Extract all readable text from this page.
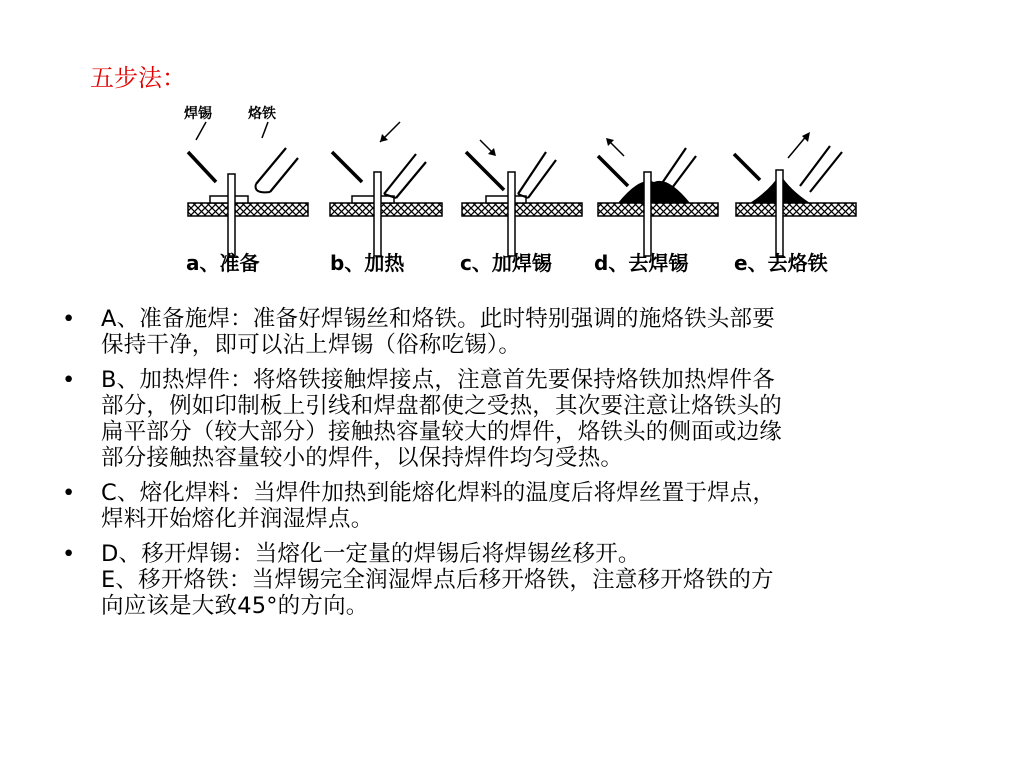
五步法：
焊锡	烙铁
a、准备	b、加热	c、加焊锡 d、去焊锡 e、去烙铁
• A、准备施焊：准备好焊锡丝和烙铁。此时特别强调的施烙铁头部要
保持干净，即可以沾上焊锡（俗称吃锡）。
• B、加热焊件：将烙铁接触焊接点，注意首先要保持烙铁加热焊件各
部分，例如印制板上引线和焊盘都使之受热，其次要注意让烙铁头的
扁平部分（较大部分）接触热容量较大的焊件，烙铁头的侧面或边缘
部分接触热容量较小的焊件，以保持焊件均匀受热。
• C、熔化焊料：当焊件加热到能熔化焊料的温度后将焊丝置于焊点，
焊料开始熔化并润湿焊点。
• D、移开焊锡：当熔化一定量的焊锡后将焊锡丝移开。
E、移开烙铁：当焊锡完全润湿焊点后移开烙铁，注意移开烙铁的方
向应该是大致45°的方向。
